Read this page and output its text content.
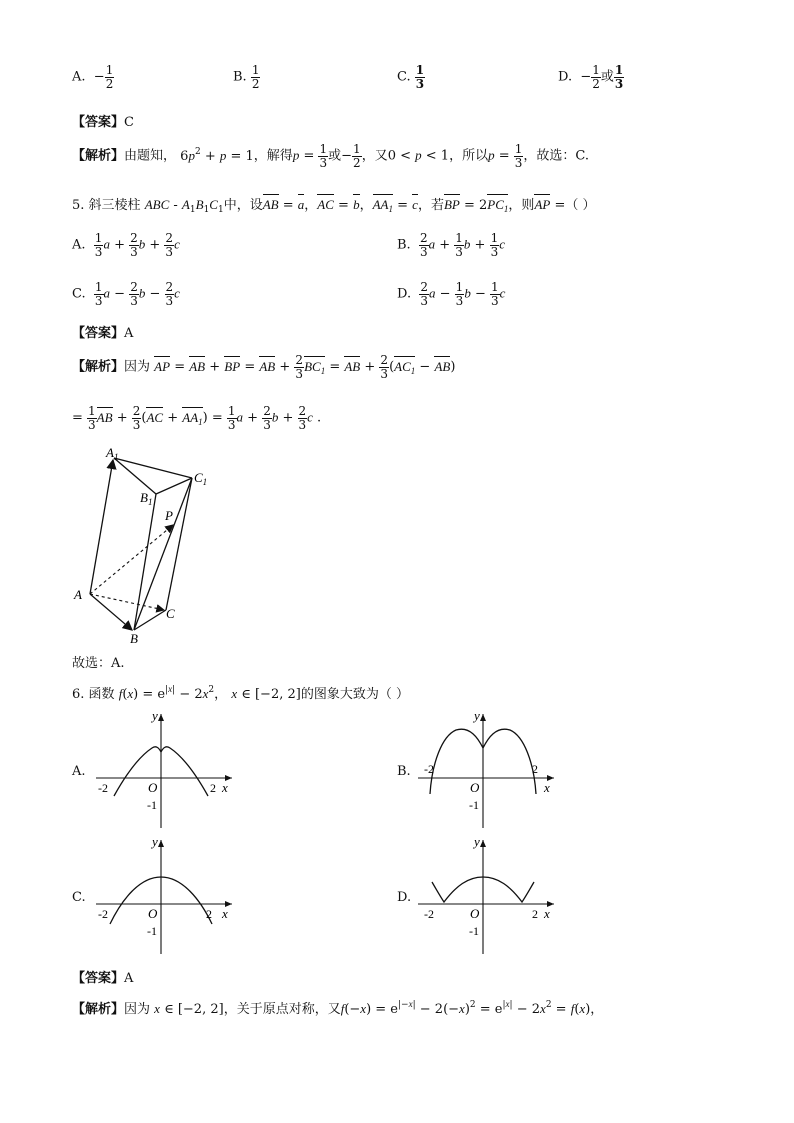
A.  − $\frac{1}{2}$	B. $\frac{1}{2}$	C. $\frac{1}{3}$	D.  − $\frac{1}{2}$ 或 $\frac{1}{3}$
【答案】C
【解析】由题知， $6p^2 + p = 1$，解得$p = \frac{1}{3}$ 或− $\frac{1}{2}$ ，又0 < p < 1，所以$p = \frac{1}{3}$ ，故选：C.
5. 斜三棱柱 ABC - $A_1B_1C_1$中，设AB = a，AC = b，$AA_1 = c$，若BP = $2PC_1$，则AP =（ ）
A. $\frac{1}{3}$ $a + \frac{2}{3}$ $b + \frac{2}{3}$ c	B. $\frac{2}{3}$ $a + \frac{1}{3}$ $b + \frac{1}{3}$ c
C. $\frac{1}{3}$ $a - \frac{2}{3}$ $b - \frac{2}{3}$ c	D. $\frac{2}{3}$ $a - \frac{1}{3}$ $b - \frac{1}{3}$ c
【答案】A
【解析】因为 AP = AB + BP = AB + $\frac{2}{3} BC_1$ = AB + $\frac{2}{3} (AC_1 - AB)$
= $\frac{1}{3}$ AB + $\frac{2}{3} (AC + AA_1) = \frac{1}{3}$ $a + \frac{2}{3}$ $b + \frac{2}{3}$ c .
$A_1$
$B_1$
$C_1$
P
A
B
C
故选：A.
6. 函数 $f(x) = e^{|x|} - 2x^2$， x ∈ [−2, 2]的图象大致为（ ）
A.	B.
C.	D.
y
x
O
-2	2
-1
y
x
O
-2	2
-1
y
x
O
-2	2
-1
y
x
O
-2	2
-1
【答案】A
【解析】因为 x ∈ [−2, 2]，关于原点对称，又$f(-x) = e^{|-x|} - 2(-x)^2 = e^{|x|} - 2x^2 = f(x)$，
